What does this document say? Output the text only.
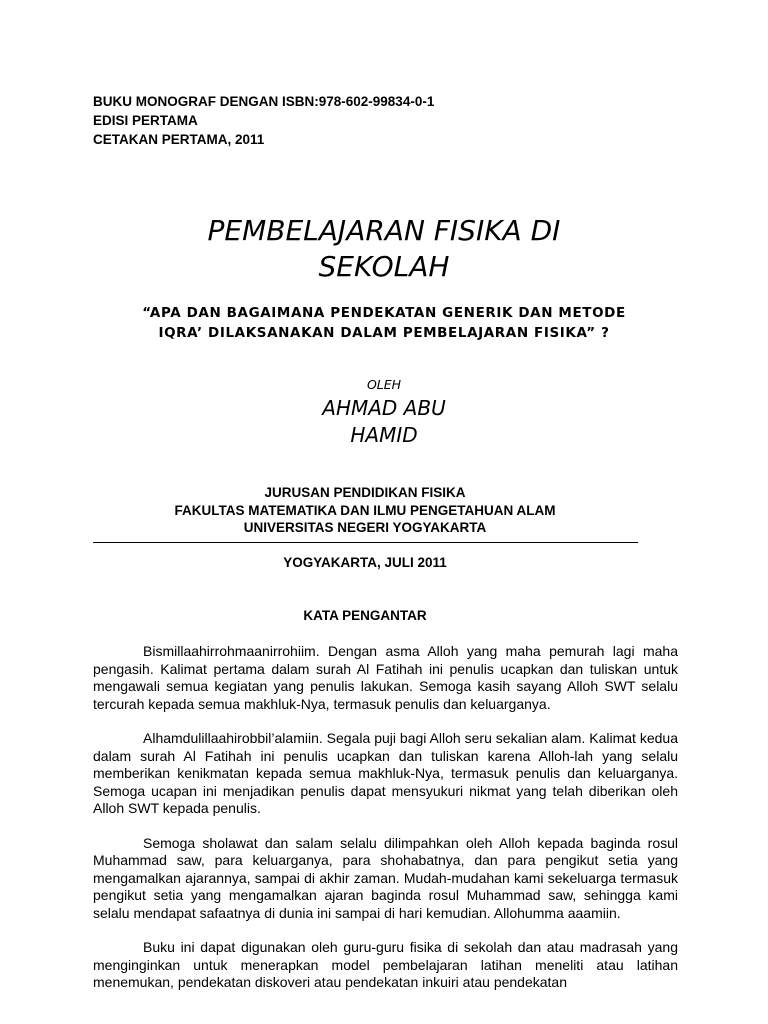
BUKU MONOGRAF DENGAN ISBN:978-602-99834-0-1
EDISI PERTAMA
CETAKAN PERTAMA, 2011
PEMBELAJARAN FISIKA DI
SEKOLAH
“APA DAN BAGAIMANA PENDEKATAN GENERIK DAN METODE
IQRA’ DILAKSANAKAN DALAM PEMBELAJARAN FISIKA” ?
OLEH
AHMAD ABU
HAMID
JURUSAN PENDIDIKAN FISIKA
FAKULTAS MATEMATIKA DAN ILMU PENGETAHUAN ALAM
UNIVERSITAS NEGERI YOGYAKARTA
YOGYAKARTA, JULI 2011
KATA PENGANTAR

Bismillaahirrohmaanirrohiim. Dengan asma Alloh yang maha pemurah lagi maha pengasih. Kalimat pertama dalam surah Al Fatihah ini penulis ucapkan dan tuliskan untuk mengawali semua kegiatan yang penulis lakukan. Semoga kasih sayang Alloh SWT selalu tercurah kepada semua makhluk-Nya, termasuk penulis dan keluarganya.

Alhamdulillaahirobbil’alamiin. Segala puji bagi Alloh seru sekalian alam. Kalimat kedua dalam surah Al Fatihah ini penulis ucapkan dan tuliskan karena Alloh-lah yang selalu memberikan kenikmatan kepada semua makhluk-Nya, termasuk penulis dan keluarganya. Semoga ucapan ini menjadikan penulis dapat mensyukuri nikmat yang telah diberikan oleh Alloh SWT kepada penulis.

Semoga sholawat dan salam selalu dilimpahkan oleh Alloh kepada baginda rosul Muhammad saw, para keluarganya, para shohabatnya, dan para pengikut setia yang mengamalkan ajarannya, sampai di akhir zaman. Mudah-mudahan kami sekeluarga termasuk pengikut setia yang mengamalkan ajaran baginda rosul Muhammad saw, sehingga kami selalu mendapat safaatnya di dunia ini sampai di hari kemudian. Allohumma aaamiin.

Buku ini dapat digunakan oleh guru-guru fisika di sekolah dan atau madrasah yang menginginkan untuk menerapkan model pembelajaran latihan meneliti atau latihan menemukan, pendekatan diskoveri atau pendekatan inkuiri atau pendekatan
